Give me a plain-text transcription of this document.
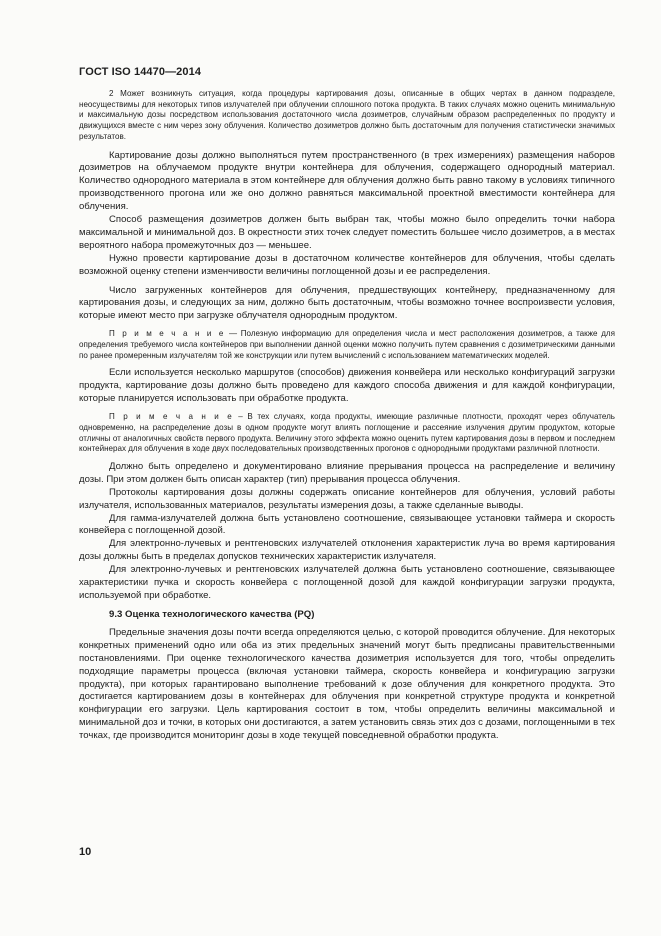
ГОСТ ISO 14470—2014

2 Может возникнуть ситуация, когда процедуры картирования дозы, описанные в общих чертах в данном подразделе, неосуществимы для некоторых типов излучателей при облучении сплошного потока продукта. В таких случаях можно оценить минимальную и максимальную дозы посредством использования достаточного числа дозиметров, случайным образом распределенных по продукту и движущихся вместе с ним через зону облучения. Количество дозиметров должно быть достаточным для получения статистически значимых результатов.

Картирование дозы должно выполняться путем пространственного (в трех измерениях) размещения наборов дозиметров на облучаемом продукте внутри контейнера для облучения, содержащего однородный материал. Количество однородного материала в этом контейнере для облучения должно быть равно такому в условиях типичного производственного прогона или же оно должно равняться максимальной проектной вместимости контейнера для облучения.

Способ размещения дозиметров должен быть выбран так, чтобы можно было определить точки набора максимальной и минимальной доз. В окрестности этих точек следует поместить большее число дозиметров, а в местах вероятного набора промежуточных доз — меньшее.

Нужно провести картирование дозы в достаточном количестве контейнеров для облучения, чтобы сделать возможной оценку степени изменчивости величины поглощенной дозы и ее распределения.

Число загруженных контейнеров для облучения, предшествующих контейнеру, предназначенному для картирования дозы, и следующих за ним, должно быть достаточным, чтобы возможно точнее воспроизвести условия, которые имеют место при загрузке облучателя однородным продуктом.

П р и м е ч а н и е — Полезную информацию для определения числа и мест расположения дозиметров, а также для определения требуемого числа контейнеров при выполнении данной оценки можно получить путем сравнения с дозиметрическими данными по ранее промеренным излучателям той же конструкции или путем вычислений с использованием математических моделей.

Если используется несколько маршрутов (способов) движения конвейера или несколько конфигураций загрузки продукта, картирование дозы должно быть проведено для каждого способа движения и для каждой конфигурации, которые планируется использовать при обработке продукта.

П р и м е ч а н и е – В тех случаях, когда продукты, имеющие различные плотности, проходят через облучатель одновременно, на распределение дозы в одном продукте могут влиять поглощение и рассеяние излучения другим продуктом, которые отличны от аналогичных свойств первого продукта. Величину этого эффекта можно оценить путем картирования дозы в первом и последнем контейнерах для облучения в ходе двух последовательных производственных прогонов с однородными продуктами различной плотности.

Должно быть определено и документировано влияние прерывания процесса на распределение и величину дозы. При этом должен быть описан характер (тип) прерывания процесса облучения.

Протоколы картирования дозы должны содержать описание контейнеров для облучения, условий работы излучателя, использованных материалов, результаты измерения дозы, а также сделанные выводы.

Для гамма-излучателей должна быть установлено соотношение, связывающее установки таймера и скорость конвейера с поглощенной дозой.

Для электронно-лучевых и рентгеновских излучателей отклонения характеристик луча во время картирования дозы должны быть в пределах допусков технических характеристик излучателя.

Для электронно-лучевых и рентгеновских излучателей должна быть установлено соотношение, связывающее характеристики пучка и скорость конвейера с поглощенной дозой для каждой конфигурации загрузки продукта, используемой при обработке.

9.3 Оценка технологического качества (PQ)

Предельные значения дозы почти всегда определяются целью, с которой проводится облучение. Для некоторых конкретных применений одно или оба из этих предельных значений могут быть предписаны правительственными постановлениями. При оценке технологического качества дозиметрия используется для того, чтобы определить подходящие параметры процесса (включая установки таймера, скорость конвейера и конфигурацию загрузки продукта), при которых гарантировано выполнение требований к дозе облучения для конкретного продукта. Это достигается картированием дозы в контейнерах для облучения при конкретной структуре продукта и конкретной конфигурации его загрузки. Цель картирования состоит в том, чтобы определить величины максимальной и минимальной доз и точки, в которых они достигаются, а затем установить связь этих доз с дозами, поглощенными в тех точках, где производится мониторинг дозы в ходе текущей повседневной обработки продукта.

10
